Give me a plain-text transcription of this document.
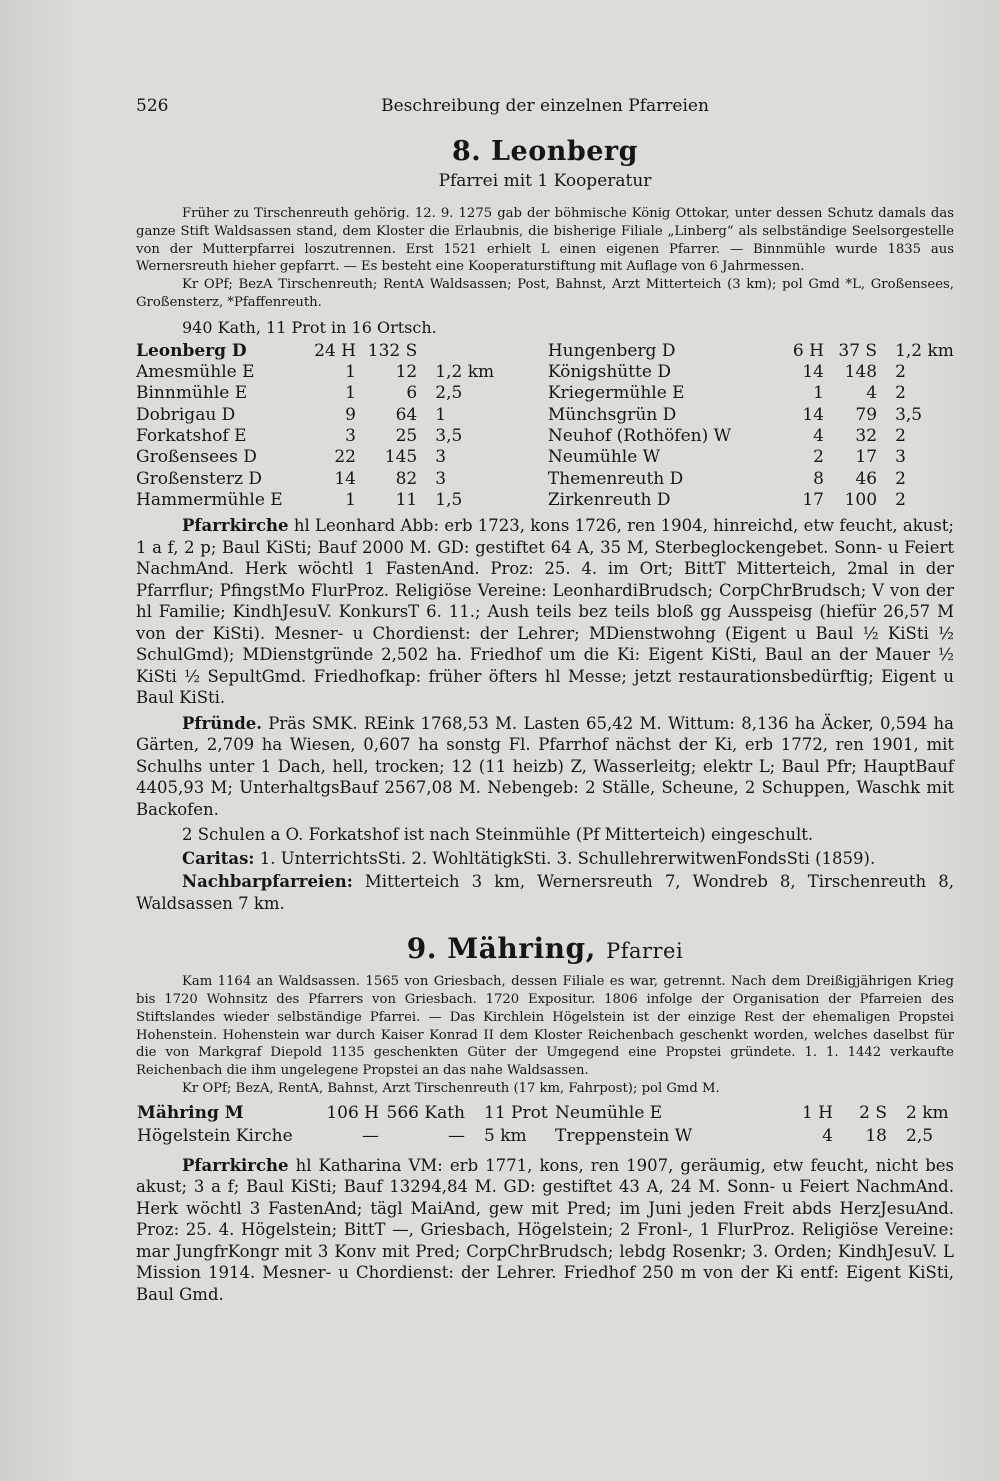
526	Beschreibung der einzelnen Pfarreien
8. Leonberg
Pfarrei mit 1 Kooperatur

Früher zu Tirschenreuth gehörig. 12. 9. 1275 gab der böhmische König Ottokar, unter dessen Schutz damals das ganze Stift Waldsassen stand, dem Kloster die Erlaubnis, die bisherige Filiale „Linberg“ als selbständige Seelsorgestelle von der Mutterpfarrei loszutrennen. Erst 1521 erhielt L einen eigenen Pfarrer. — Binnmühle wurde 1835 aus Wernersreuth hieher gepfarrt. — Es besteht eine Kooperaturstiftung mit Auflage von 6 Jahrmessen.

Kr OPf; BezA Tirschenreuth; RentA Waldsassen; Post, Bahnst, Arzt Mitterteich (3 km); pol Gmd *L, Großensees, Großensterz, *Pfaffenreuth.

940 Kath, 11 Prot in 16 Ortsch.
Leonberg D	24 H	132 S		Hungenberg D	6 H	37 S	1,2 km
Amesmühle E	1	12	1,2 km	Königshütte D	14	148	2
Binnmühle E	1	6	2,5	Kriegermühle E	1	4	2
Dobrigau D	9	64	1	Münchsgrün D	14	79	3,5
Forkatshof E	3	25	3,5	Neuhof (Rothöfen) W	4	32	2
Großensees D	22	145	3	Neumühle W	2	17	3
Großensterz D	14	82	3	Themenreuth D	8	46	2
Hammermühle E	1	11	1,5	Zirkenreuth D	17	100	2

Pfarrkirche hl Leonhard Abb: erb 1723, kons 1726, ren 1904, hinreichd, etw feucht, akust; 1 a f, 2 p; Baul KiSti; Bauf 2000 M. GD: gestiftet 64 A, 35 M, Sterbeglockengebet. Sonn- u Feiert NachmAnd. Herk wöchtl 1 FastenAnd. Proz: 25. 4. im Ort; BittT Mitterteich, 2mal in der Pfarrflur; PfingstMo FlurProz. Religiöse Vereine: LeonhardiBrudsch; CorpChrBrudsch; V von der hl Familie; KindhJesuV. KonkursT 6. 11.; Aush teils bez teils bloß gg Ausspeisg (hiefür 26,57 M von der KiSti). Mesner- u Chordienst: der Lehrer; MDienstwohng (Eigent u Baul ½ KiSti ½ SchulGmd); MDienstgründe 2,502 ha. Friedhof um die Ki: Eigent KiSti, Baul an der Mauer ½ KiSti ½ SepultGmd. Friedhofkap: früher öfters hl Messe; jetzt restaurationsbedürftig; Eigent u Baul KiSti.

Pfründe. Präs SMK. REink 1768,53 M. Lasten 65,42 M. Wittum: 8,136 ha Äcker, 0,594 ha Gärten, 2,709 ha Wiesen, 0,607 ha sonstg Fl. Pfarrhof nächst der Ki, erb 1772, ren 1901, mit Schulhs unter 1 Dach, hell, trocken; 12 (11 heizb) Z, Wasserleitg; elektr L; Baul Pfr; HauptBauf 4405,93 M; UnterhaltgsBauf 2567,08 M. Nebengeb: 2 Ställe, Scheune, 2 Schuppen, Waschk mit Backofen.

2 Schulen a O. Forkatshof ist nach Steinmühle (Pf Mitterteich) eingeschult.

Caritas: 1. UnterrichtsSti. 2. WohltätigkSti. 3. SchullehrerwitwenFondsSti (1859).

Nachbarpfarreien: Mitterteich 3 km, Wernersreuth 7, Wondreb 8, Tirschenreuth 8, Waldsassen 7 km.

9. Mähring, Pfarrei

Kam 1164 an Waldsassen. 1565 von Griesbach, dessen Filiale es war, getrennt. Nach dem Dreißigjährigen Krieg bis 1720 Wohnsitz des Pfarrers von Griesbach. 1720 Expositur. 1806 infolge der Organisation der Pfarreien des Stiftslandes wieder selbständige Pfarrei. — Das Kirchlein Högelstein ist der einzige Rest der ehemaligen Propstei Hohenstein. Hohenstein war durch Kaiser Konrad II dem Kloster Reichenbach geschenkt worden, welches daselbst für die von Markgraf Diepold 1135 geschenkten Güter der Umgegend eine Propstei gründete. 1. 1. 1442 verkaufte Reichenbach die ihm ungelegene Propstei an das nahe Waldsassen.

Kr OPf; BezA, RentA, Bahnst, Arzt Tirschenreuth (17 km, Fahrpost); pol Gmd M.

Mähring M	106 H	566 Kath	11 Prot	Neumühle E	1 H	2 S	2 km
Högelstein Kirche	—	—	5 km	Treppenstein W	4	18	2,5

Pfarrkirche hl Katharina VM: erb 1771, kons, ren 1907, geräumig, etw feucht, nicht bes akust; 3 a f; Baul KiSti; Bauf 13294,84 M. GD: gestiftet 43 A, 24 M. Sonn- u Feiert NachmAnd. Herk wöchtl 3 FastenAnd; tägl MaiAnd, gew mit Pred; im Juni jeden Freit abds HerzJesuAnd. Proz: 25. 4. Högelstein; BittT —, Griesbach, Högelstein; 2 Fronl-, 1 FlurProz. Religiöse Vereine: mar JungfrKongr mit 3 Konv mit Pred; CorpChrBrudsch; lebdg Rosenkr; 3. Orden; KindhJesuV. L Mission 1914. Mesner- u Chordienst: der Lehrer. Friedhof 250 m von der Ki entf: Eigent KiSti, Baul Gmd.
